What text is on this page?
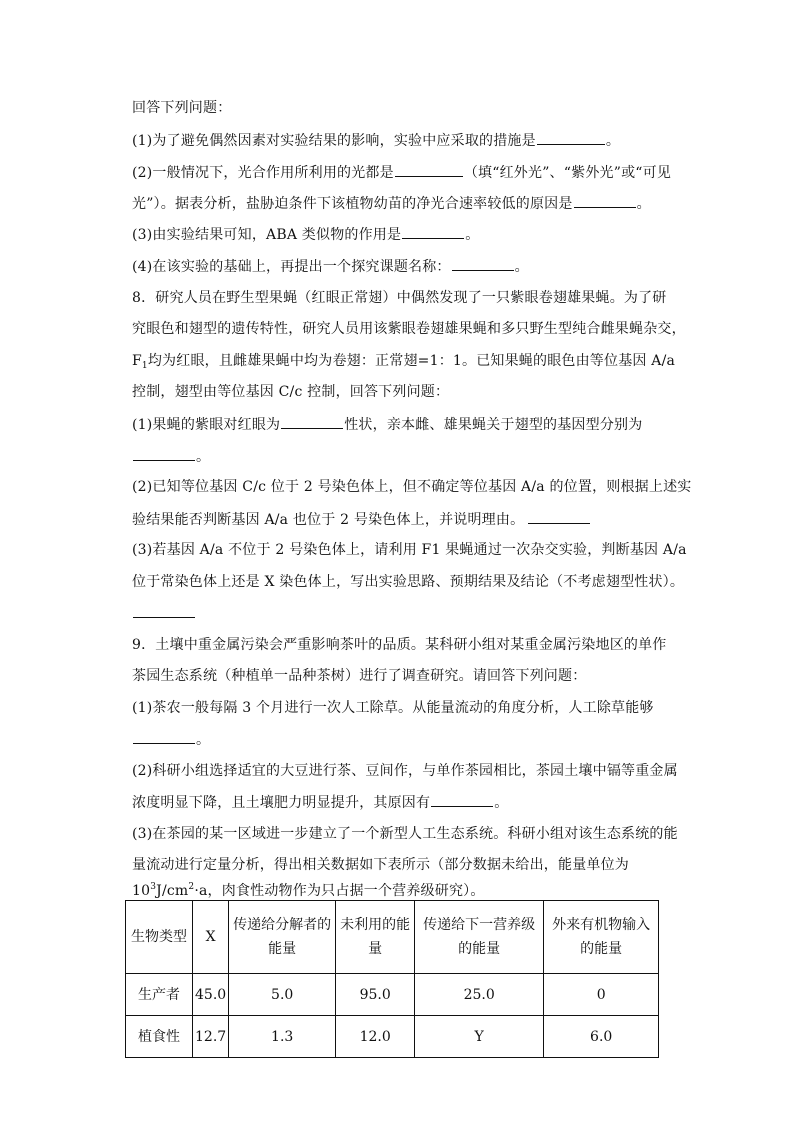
回答下列问题：
(1)为了避免偶然因素对实验结果的影响，实验中应采取的措施是	。
(2)一般情况下，光合作用所利用的光都是	（填“红外光”、“紫外光”或“可见
光”）。据表分析，盐胁迫条件下该植物幼苗的净光合速率较低的原因是	。
(3)由实验结果可知，ABA 类似物的作用是	。
(4)在该实验的基础上，再提出一个探究课题名称：	。
8．研究人员在野生型果蝇（红眼正常翅）中偶然发现了一只紫眼卷翅雄果蝇。为了研
究眼色和翅型的遗传特性，研究人员用该紫眼卷翅雄果蝇和多只野生型纯合雌果蝇杂交，
$F_1$均为红眼，且雌雄果蝇中均为卷翅：正常翅=1：1。已知果蝇的眼色由等位基因 A/a
控制，翅型由等位基因 C/c 控制，回答下列问题：
(1)果蝇的紫眼对红眼为	性状，亲本雌、雄果蝇关于翅型的基因型分别为
。
(2)已知等位基因 C/c 位于 2 号染色体上，但不确定等位基因 A/a 的位置，则根据上述实
验结果能否判断基因 A/a 也位于 2 号染色体上，并说明理由。
(3)若基因 A/a 不位于 2 号染色体上，请利用 F1 果蝇通过一次杂交实验，判断基因 A/a
位于常染色体上还是 X 染色体上，写出实验思路、预期结果及结论（不考虑翅型性状）。
9．土壤中重金属污染会严重影响茶叶的品质。某科研小组对某重金属污染地区的单作
茶园生态系统（种植单一品种茶树）进行了调查研究。请回答下列问题：
(1)茶农一般每隔 3 个月进行一次人工除草。从能量流动的角度分析，人工除草能够
。
(2)科研小组选择适宜的大豆进行茶、豆间作，与单作茶园相比，茶园土壤中镉等重金属
浓度明显下降，且土壤肥力明显提升，其原因有	。
(3)在茶园的某一区域进一步建立了一个新型人工生态系统。科研小组对该生态系统的能
量流动进行定量分析，得出相关数据如下表所示（部分数据未给出，能量单位为
$10^3J/cm^2\cdot a$，肉食性动物作为只占据一个营养级研究）。
生物类型	X	传递给分解者的能量	未利用的能量	传递给下一营养级的能量	外来有机物输入的能量
生产者	45.0	5.0	95.0	25.0	0
植食性	12.7	1.3	12.0	Y	6.0
